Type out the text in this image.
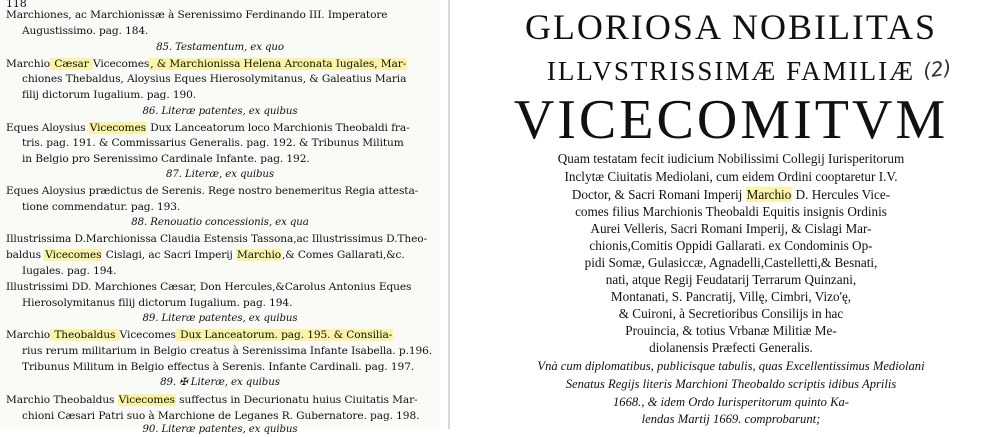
118
Marchiones, ac Marchionissæ à Serenissimo Ferdinando III. Imperatore
Augustissimo. pag. 184.
85. Testamentum, ex quo
Marchio Cæsar Vicecomes, & Marchionissa Helena Arconata Iugales, Mar-
chiones Thebaldus, Aloysius Eques Hierosolymitanus, & Galeatius Maria
filij dictorum Iugalium. pag. 190.
86. Literæ patentes, ex quibus
Eques Aloysius Vicecomes Dux Lanceatorum loco Marchionis Theobaldi fra-
tris. pag. 191. & Commissarius Generalis. pag. 192. & Tribunus Militum
in Belgio pro Serenissimo Cardinale Infante. pag. 192.
87. Literæ, ex quibus
Eques Aloysius prædictus de Serenis. Rege nostro benemeritus Regia attesta-
tione commendatur. pag. 193.
88. Renouatio concessionis, ex qua
Illustrissima D.Marchionissa Claudia Estensis Tassona,ac Illustrissimus D.Theo-
baldus Vicecomes Cislagi, ac Sacri Imperij Marchio,& Comes Gallarati,&c.
Iugales. pag. 194.
Illustrissimi DD. Marchiones Cæsar, Don Hercules,&Carolus Antonius Eques
Hierosolymitanus filij dictorum Iugalium. pag. 194.
89. Literæ patentes, ex quibus
Marchio Theobaldus Vicecomes Dux Lanceatorum. pag. 195. & Consilia-
rius rerum militarium in Belgio creatus à Serenissima Infante Isabella. p.196.
Tribunus Militum in Belgio effectus à Serenis. Infante Cardinali. pag. 197.
89. ✠ Literæ, ex quibus
Marchio Theobaldus Vicecomes suffectus in Decurionatu huius Ciuitatis Mar-
chioni Cæsari Patri suo à Marchione de Leganes R. Gubernatore. pag. 198.
90. Literæ patentes, ex quibus
GLORIOSA NOBILITAS
ILLVSTRISSIMÆ FAMILIÆ
VICECOMITVM
Quam testatam fecit iudicium Nobilissimi Collegij Iurisperitorum
Inclytæ Ciuitatis Mediolani, cum eidem Ordini cooptaretur I.V.
Doctor, & Sacri Romani Imperij Marchio D. Hercules Vice-
comes filius Marchionis Theobaldi Equitis insignis Ordinis
Aurei Velleris, Sacri Romani Imperij, & Cislagi Mar-
chionis,Comitis Oppidi Gallarati. ex Condominis Op-
pidi Somæ, Gulasiccæ, Agnadelli,Castelletti,& Besnati,
nati, atque Regij Feudatarij Terrarum Quinzani,
Montanati, S. Pancratij, Villę, Cimbri, Vizo'ę,
& Cuironi, à Secretioribus Consilijs in hac
Prouincia, & totius Vrbanæ Militiæ Me-
diolanensis Præfecti Generalis.
Vnà cum diplomatibus, publicisque tabulis, quas Excellentissimus Mediolani
Senatus Regijs literis Marchioni Theobaldo scriptis idibus Aprilis
1668., & idem Ordo Iurisperitorum quinto Ka-
lendas Martij 1669. comprobarunt;
(2)
